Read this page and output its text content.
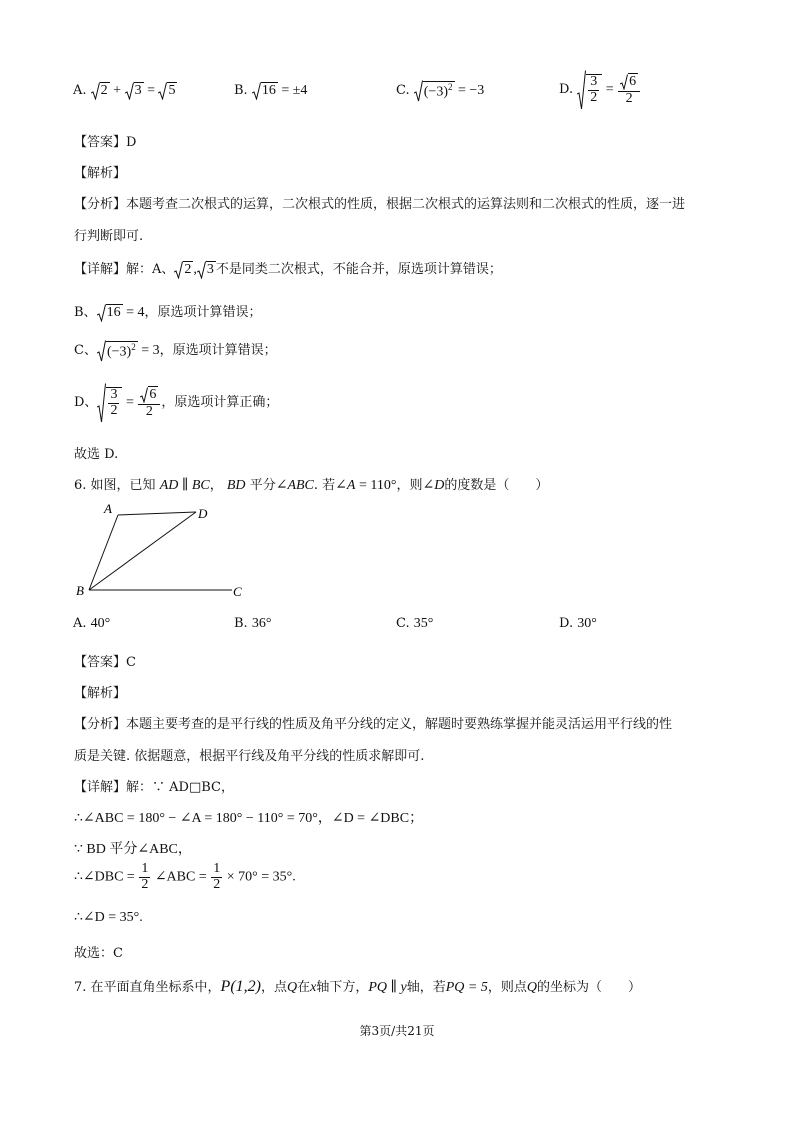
A. 2 + 3 = 5	B. 16 = ±4	C. $(-3)^2 = -3$	D. $\frac{3}{2} = \frac{6}{2}$
【答案】D
【解析】
【分析】本题考查二次根式的运算，二次根式的性质，根据二次根式的运算法则和二次根式的性质，逐一进
行判断即可.
【详解】解：A、 2 , 3 不是同类二次根式，不能合并，原选项计算错误；
B、 16 = 4，原选项计算错误；
C、 $(-3)^2 = 3$，原选项计算错误；
D、 $\frac{3}{2} = \frac{6}{2}$ ，原选项计算正确；
故选 D.
6. 如图，已知 AD ∥ BC， BD 平分∠ABC. 若∠A = 110°，则∠D的度数是（　　）
A	D
B	C
A. 40°	B. 36°	C. 35°	D. 30°
【答案】C
【解析】
【分析】本题主要考查的是平行线的性质及角平分线的定义，解题时要熟练掌握并能灵活运用平行线的性
质是关键. 依据题意，根据平行线及角平分线的性质求解即可.
【详解】解：∵ AD□BC，
∴∠ABC = 180° − ∠A = 180° − 110° = 70°，∠D = ∠DBC；
∵ BD 平分∠ABC，
∴∠DBC = $\frac{1}{2}$ ∠ABC = $\frac{1}{2} \times 70^\circ = 35^\circ$.
∴∠D = 35°.
故选：C
7. 在平面直角坐标系中，P(1,2)，点Q在x轴下方，PQ ∥ y轴，若PQ = 5，则点Q的坐标为（　　）
第3页/共21页
